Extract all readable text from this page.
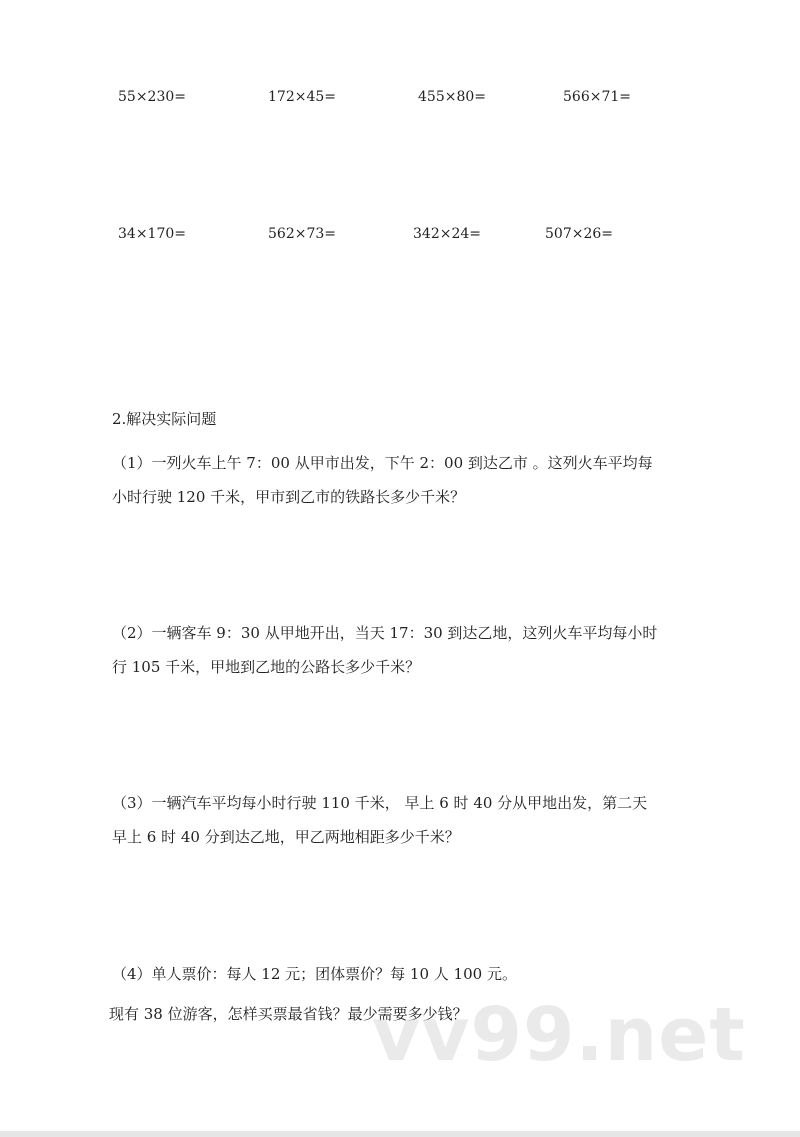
55×230=	172×45=	455×80=	566×71=
34×170=	562×73=	342×24=	507×26=
2.解决实际问题

（1）一列火车上午 7：00 从甲市出发，下午 2：00 到达乙市 。这列火车平均每

小时行驶 120 千米，甲市到乙市的铁路长多少千米？

（2）一辆客车 9：30 从甲地开出，当天 17：30 到达乙地，这列火车平均每小时

行 105 千米，甲地到乙地的公路长多少千米？

（3）一辆汽车平均每小时行驶 110 千米， 早上 6 时 40 分从甲地出发，第二天

早上 6 时 40 分到达乙地，甲乙两地相距多少千米？

（4）单人票价：每人 12 元；团体票价？每 10 人 100 元。

现有 38 位游客，怎样买票最省钱？最少需要多少钱？

vv99.net
